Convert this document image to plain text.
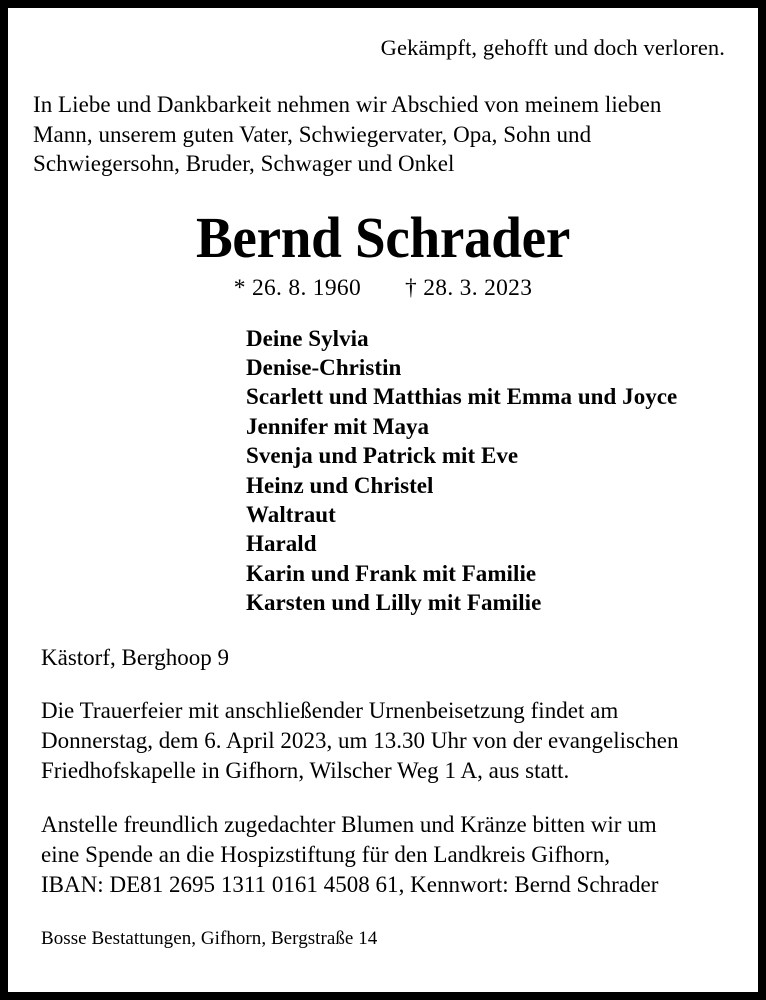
Gekämpft, gehofft und doch verloren.
In Liebe und Dankbarkeit nehmen wir Abschied von meinem lieben
Mann, unserem guten Vater, Schwiegervater, Opa, Sohn und
Schwiegersohn, Bruder, Schwager und Onkel
Bernd Schrader
* 26. 8. 1960 † 28. 3. 2023
Deine Sylvia
Denise-Christin
Scarlett und Matthias mit Emma und Joyce
Jennifer mit Maya
Svenja und Patrick mit Eve
Heinz und Christel
Waltraut
Harald
Karin und Frank mit Familie
Karsten und Lilly mit Familie
Kästorf, Berghoop 9
Die Trauerfeier mit anschließender Urnenbeisetzung findet am
Donnerstag, dem 6. April 2023, um 13.30 Uhr von der evangelischen
Friedhofskapelle in Gifhorn, Wilscher Weg 1 A, aus statt.
Anstelle freundlich zugedachter Blumen und Kränze bitten wir um
eine Spende an die Hospizstiftung für den Landkreis Gifhorn,
IBAN: DE81 2695 1311 0161 4508 61, Kennwort: Bernd Schrader
Bosse Bestattungen, Gifhorn, Bergstraße 14
